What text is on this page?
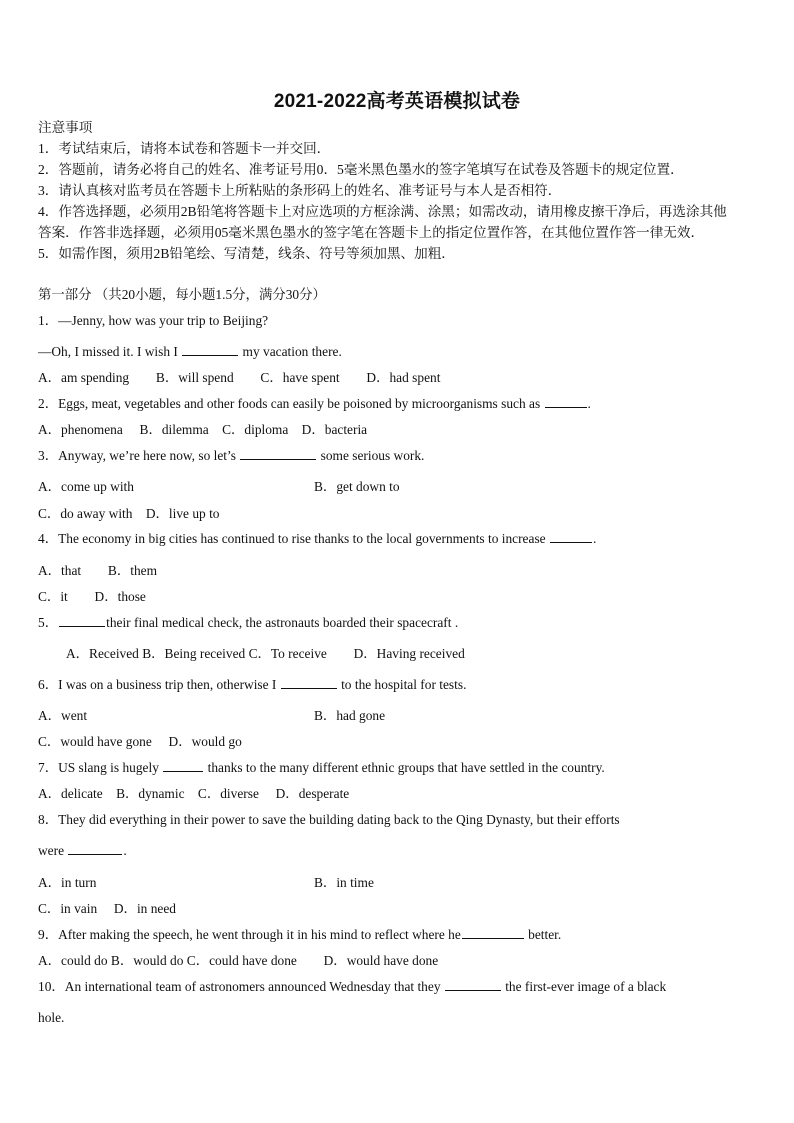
2021-2022高考英语模拟试卷
注意事项
1．考试结束后，请将本试卷和答题卡一并交回．
2．答题前，请务必将自己的姓名、准考证号用0．5毫米黑色墨水的签字笔填写在试卷及答题卡的规定位置．
3．请认真核对监考员在答题卡上所粘贴的条形码上的姓名、准考证号与本人是否相符．
4．作答选择题，必须用2B铅笔将答题卡上对应选项的方框涂满、涂黑；如需改动，请用橡皮擦干净后，再选涂其他
答案．作答非选择题，必须用05毫米黑色墨水的签字笔在答题卡上的指定位置作答，在其他位置作答一律无效．
5．如需作图，须用2B铅笔绘、写清楚，线条、符号等须加黑、加粗．
第一部分 （共20小题，每小题1.5分，满分30分）
1．—Jenny, how was your trip to Beijing?
—Oh, I missed it. I wish I	my vacation there.
A．am spending　　B．will spend　　C．have spent　　D．had spent
2．Eggs, meat, vegetables and other foods can easily be poisoned by microorganisms such as	.
A．phenomena　 B．dilemma　C．diploma　D．bacteria
3．Anyway, we’re here now, so let’s	some serious work.
A．come up with	B．get down to
C．do away with　D．live up to
4．The economy in big cities has continued to rise thanks to the local governments to increase	.
A．that　　B．them
C．it　　D．those
5．	their final medical check, the astronauts boarded their spacecraft .
A．Received B．Being received C．To receive　　D．Having received
6．I was on a business trip then, otherwise I	to the hospital for tests.
A．went	B．had gone
C．would have gone　 D．would go
7．US slang is hugely	thanks to the many different ethnic groups that have settled in the country.
A．delicate　B．dynamic　C．diverse　 D．desperate
8．They did everything in their power to save the building dating back to the Qing Dynasty, but their efforts
were	.
A．in turn	B．in time
C．in vain　 D．in need
9．After making the speech, he went through it in his mind to reflect where he	better.
A．could do B．would do C．could have done　　D．would have done
10．An international team of astronomers announced Wednesday that they	the first-ever image of a black
hole.
